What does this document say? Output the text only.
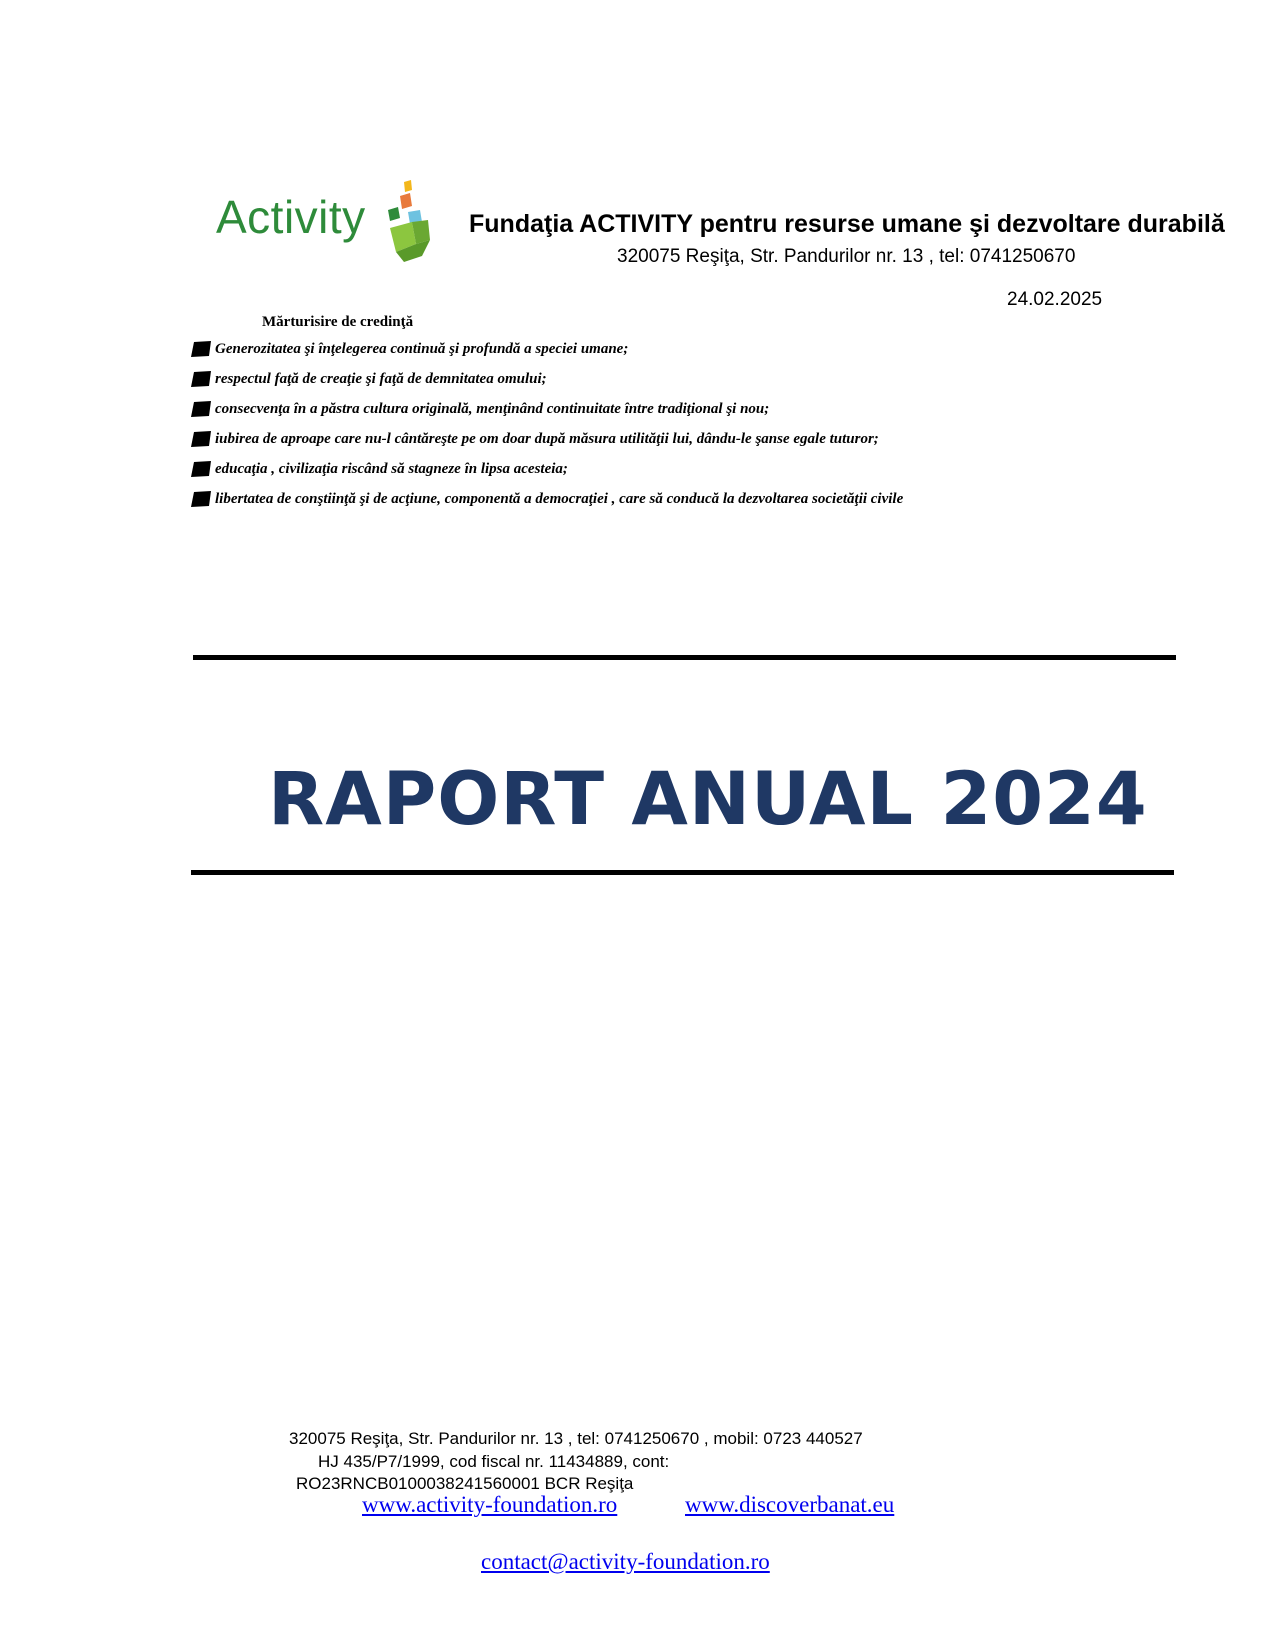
Activity	Fundaţia ACTIVITY pentru resurse umane şi dezvoltare durabilă
320075 Reşiţa, Str. Pandurilor nr. 13 , tel: 0741250670
24.02.2025
Mărturisire de credinţă
Generozitatea şi înţelegerea continuă şi profundă a speciei umane;
respectul faţă de creaţie şi faţă de demnitatea omului;
consecvenţa în a păstra cultura originală, menţinând continuitate între tradiţional şi nou;
iubirea de aproape care nu-l cântăreşte pe om doar după măsura utilităţii lui, dându-le şanse egale tuturor;
educaţia , civilizaţia riscând să stagneze în lipsa acesteia;
libertatea de conştiinţă şi de acţiune, componentă a democraţiei , care să conducă la dezvoltarea societăţii civile
RAPORT ANUAL 2024
320075 Reşiţa, Str. Pandurilor nr. 13 , tel: 0741250670 , mobil: 0723 440527
HJ 435/P7/1999, cod fiscal nr. 11434889, cont:
RO23RNCB0100038241560001 BCR Reşiţa
www.activity-foundation.ro	www.discoverbanat.eu
contact@activity-foundation.ro
